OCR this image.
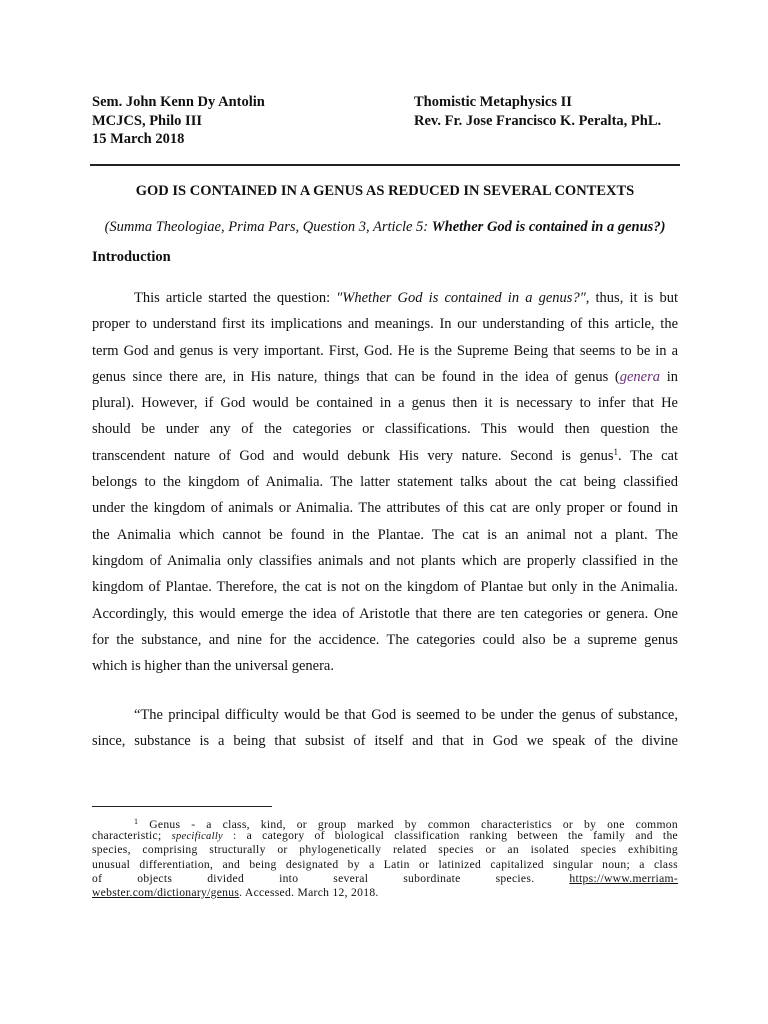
Sem. John Kenn Dy Antolin
MCJCS, Philo III
15 March 2018
Thomistic Metaphysics II
Rev. Fr. Jose Francisco K. Peralta, PhL.
GOD IS CONTAINED IN A GENUS AS REDUCED IN SEVERAL CONTEXTS
(Summa Theologiae, Prima Pars, Question 3, Article 5: Whether God is contained in a genus?)
Introduction
This article started the question: ″Whether God is contained in a genus?″, thus, it is but
proper to understand first its implications and meanings. In our understanding of this article, the
term God and genus is very important. First, God. He is the Supreme Being that seems to be in a
genus since there are, in His nature, things that can be found in the idea of genus (genera in
plural). However, if God would be contained in a genus then it is necessary to infer that He
should be under any of the categories or classifications. This would then question the
transcendent nature of God and would debunk His very nature. Second is genus$^1$. The cat
belongs to the kingdom of Animalia. The latter statement talks about the cat being classified
under the kingdom of animals or Animalia. The attributes of this cat are only proper or found in
the Animalia which cannot be found in the Plantae. The cat is an animal not a plant. The
kingdom of Animalia only classifies animals and not plants which are properly classified in the
kingdom of Plantae. Therefore, the cat is not on the kingdom of Plantae but only in the Animalia.
Accordingly, this would emerge the idea of Aristotle that there are ten categories or genera. One
for the substance, and nine for the accidence. The categories could also be a supreme genus
which is higher than the universal genera.
“The principal difficulty would be that God is seemed to be under the genus of substance,
since, substance is a being that subsist of itself and that in God we speak of the divine
$^1$ Genus - a class, kind, or group marked by common characteristics or by one common
characteristic; specifically : a category of biological classification ranking between the family and the
species, comprising structurally or phylogenetically related species or an isolated species exhibiting
unusual differentiation, and being designated by a Latin or latinized capitalized singular noun; a class
of objects divided into several subordinate species. https://www.merriam-
webster.com/dictionary/genus. Accessed. March 12, 2018.
